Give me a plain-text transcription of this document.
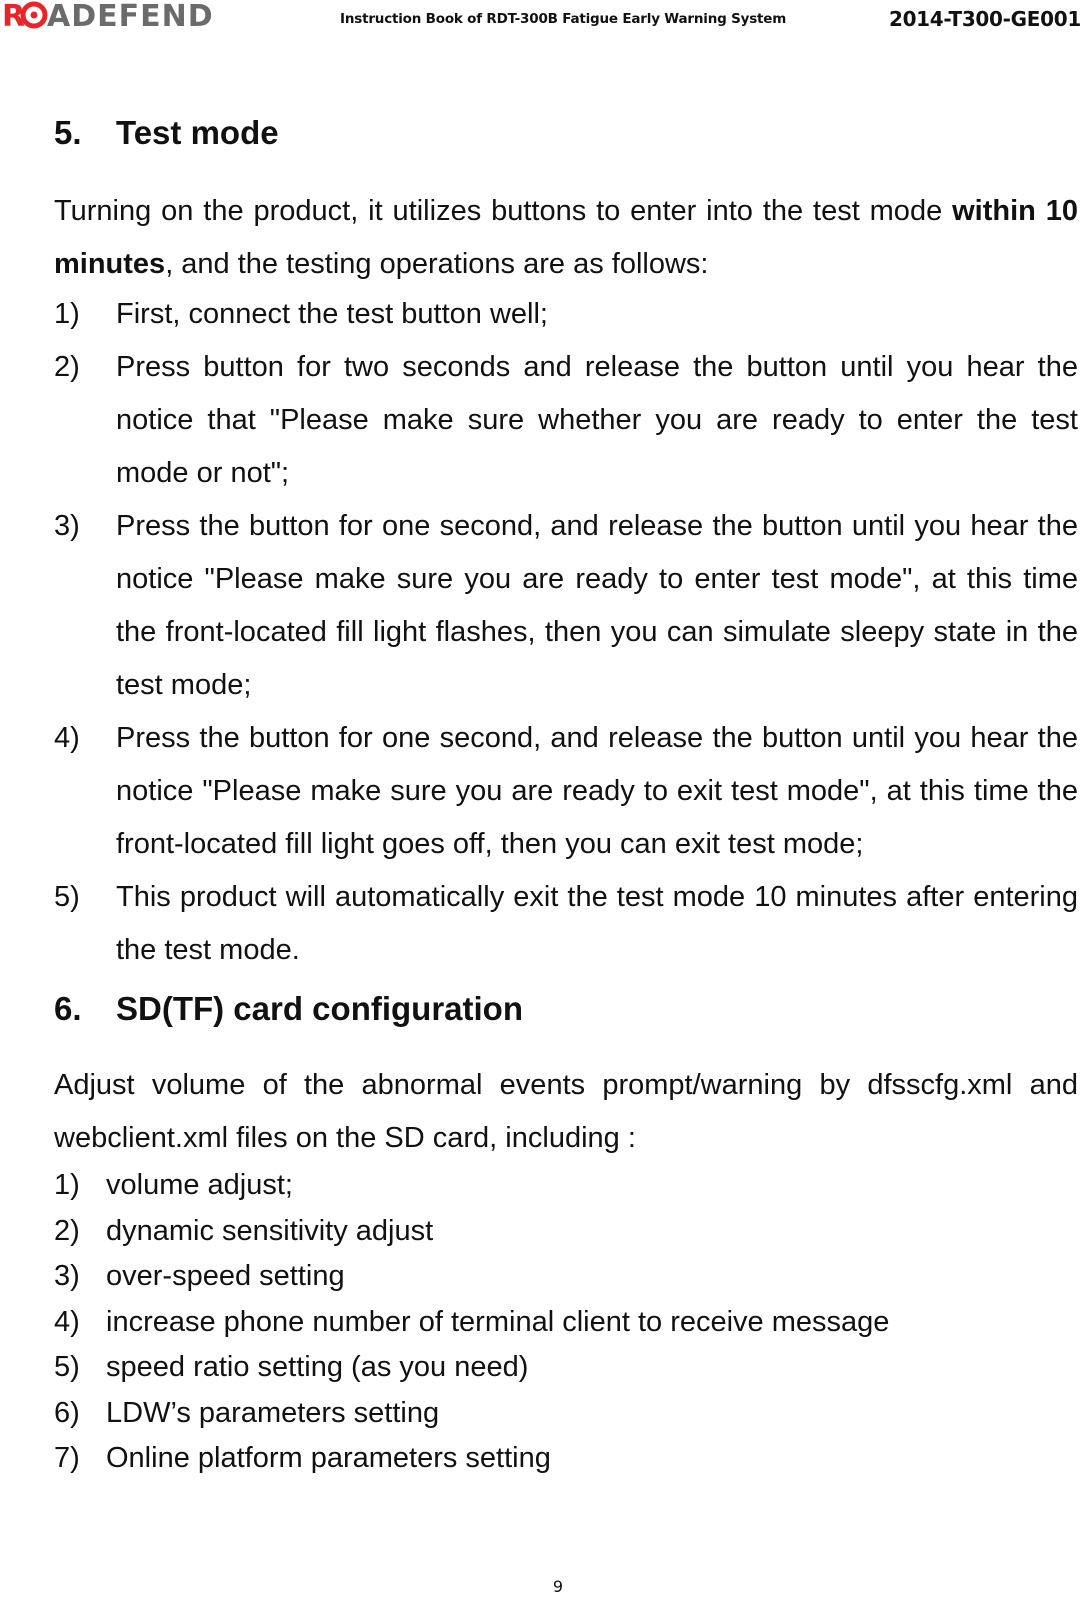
R ADEFEND	Instruction Book of RDT-300B Fatigue Early Warning System	2014-T300-GE001
5. Test mode

Turning on the product, it utilizes buttons to enter into the test mode within 10 minutes, and the testing operations are as follows:

1) First, connect the test button well;
2) Press button for two seconds and release the button until you hear the notice that "Please make sure whether you are ready to enter the test mode or not";
3) Press the button for one second, and release the button until you hear the notice "Please make sure you are ready to enter test mode", at this time the front-located fill light flashes, then you can simulate sleepy state in the test mode;
4) Press the button for one second, and release the button until you hear the notice "Please make sure you are ready to exit test mode", at this time the front-located fill light goes off, then you can exit test mode;
5) This product will automatically exit the test mode 10 minutes after entering the test mode.
6. SD(TF) card configuration

Adjust volume of the abnormal events prompt/warning by dfsscfg.xml and webclient.xml files on the SD card, including :

1) volume adjust;
2) dynamic sensitivity adjust
3) over-speed setting
4) increase phone number of terminal client to receive message
5) speed ratio setting (as you need)
6) LDW’s parameters setting
7) Online platform parameters setting
9
